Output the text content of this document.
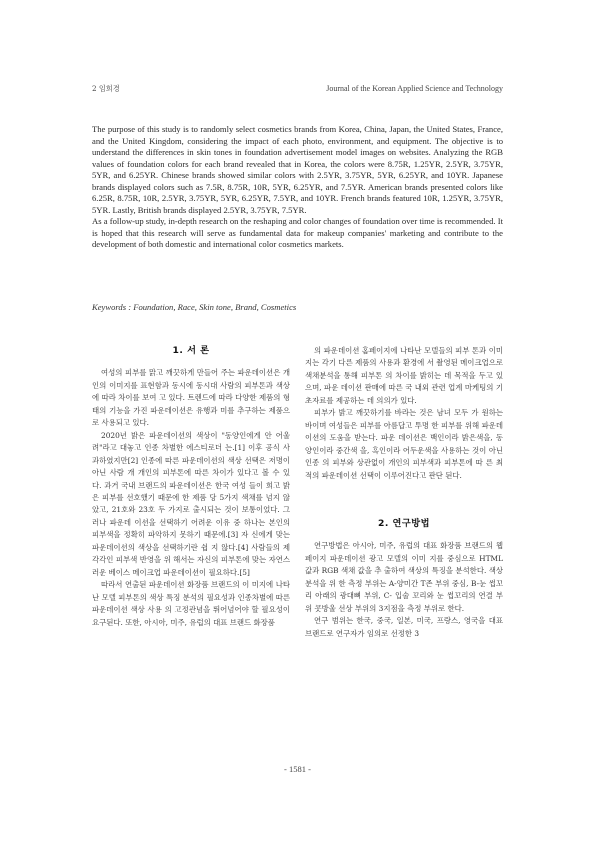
2 임희경	Journal of the Korean Applied Science and Technology

The purpose of this study is to randomly select cosmetics brands from Korea, China, Japan, the United States, France, and the United Kingdom, considering the impact of each photo, environment, and equipment. The objective is to understand the differences in skin tones in foundation advertisement model images on websites. Analyzing the RGB values of foundation colors for each brand revealed that in Korea, the colors were 8.75R, 1.25YR, 2.5YR, 3.75YR, 5YR, and 6.25YR. Chinese brands showed similar colors with 2.5YR, 3.75YR, 5YR, 6.25YR, and 10YR. Japanese brands displayed colors such as 7.5R, 8.75R, 10R, 5YR, 6.25YR, and 7.5YR. American brands presented colors like 6.25R, 8.75R, 10R, 2.5YR, 3.75YR, 5YR, 6.25YR, 7.5YR, and 10YR. French brands featured 10R, 1.25YR, 3.75YR, 5YR. Lastly, British brands displayed 2.5YR, 3.75YR, 7.5YR.

As a follow-up study, in-depth research on the reshaping and color changes of foundation over time is recommended. It is hoped that this research will serve as fundamental data for makeup companies' marketing and contribute to the development of both domestic and international color cosmetics markets.

Keywords : Foundation, Race, Skin tone, Brand, Cosmetics
1. 서 론

여성의 피부를 맑고 깨끗하게 만들어 주는 파운데이션은 개인의 이미지를 표현함과 동시에 동시대 사람의 피부톤과 색상에 따라 차이를 보여 고 있다. 트렌드에 따라 다양한 제품의 형태의 기능을 가진 파운데이션은 유행과 미를 추구하는 제품으로 사용되고 있다.

2020년 밝은 파운데이션의 색상이 "동양인에게 안 어울려"라고 대놓고 인종 차별한 에스티로더 는.[1] 이후 공식 사과하였지만[2] 인종에 따른 파운데이션의 색상 선택은 저명이 아닌 사람 개 개인의 피부톤에 따른 차이가 있다고 볼 수 있 다. 과거 국내 브랜드의 파운데이션은 한국 여성 들이 희고 밝은 피부를 선호했기 때문에 한 제품 당 5가지 색채를 넘지 않았고, 21호와 23호 두 가지로 출시되는 것이 보통이었다. 그러나 파운데 이션을 선택하기 어려운 이유 중 하나는 본인의 피부색을 정확히 파악하지 못하기 때문에.[3] 자 신에게 맞는 파운데이션의 색상을 선택하기란 쉽 지 않다.[4] 사람들의 제각각인 피부색 반영을 위 해서는 자신의 피부톤에 맞는 자연스러운 베이스 메이크업 파운데이션이 필요하다.[5]

따라서 연출된 파운데이션 화장품 브랜드의 이 미지에 나타난 모델 피부톤의 색상 특징 분석의 필요성과 인종차별에 따른 파운데이션 색상 사용 의 고정관념을 뛰어넘어야 할 필요성이 요구된다. 또한, 아시아, 미주, 유럽의 대표 브랜드 화장품

의 파운데이션 홈페이지에 나타난 모델들의 피부 톤과 이미지는 각기 다른 제품의 사용과 환경에 서 촬영된 메이크업으로 색채분석을 통해 피부톤 의 차이를 밝히는 데 목적을 두고 있으며, 파운 데이션 판매에 따른 국 내외 관련 업계 마케팅의 기초자료를 제공하는 데 의의가 있다.

피부가 밝고 깨끗하기를 바라는 것은 남녀 모두 가 원하는 바이며 여성들은 피부를 아름답고 투명 한 피부를 위해 파운데이션의 도움을 받는다. 파운 데이션은 백인이라 밝은색을, 동양인이라 중간색 을, 흑인이라 어두운색을 사용하는 것이 아닌 인종 의 피부와 상관없이 개인의 피부색과 피부톤에 따 른 최적의 파운데이션 선택이 이루어진다고 판단 된다.

2. 연구방법

연구방법은 아시아, 미주, 유럽의 대표 화장품 브랜드의 웹페이지 파운데이션 광고 모델의 이미 지를 중심으로 HTML 값과 RGB 색채 값을 추 출하여 색상의 특징을 분석한다. 색상 분석을 위 한 측정 부위는 A-양미간 T존 부위 중심, B-눈 썹꼬리 아래의 광대뼈 부위, C- 입술 꼬리와 눈 썹꼬리의 연결 부위 콧방울 선상 부위의 3지점을 측정 부위로 한다.

연구 범위는 한국, 중국, 일본, 미국, 프랑스, 영국을 대표 브랜드로 연구자가 임의로 선정한 3

- 1581 -
